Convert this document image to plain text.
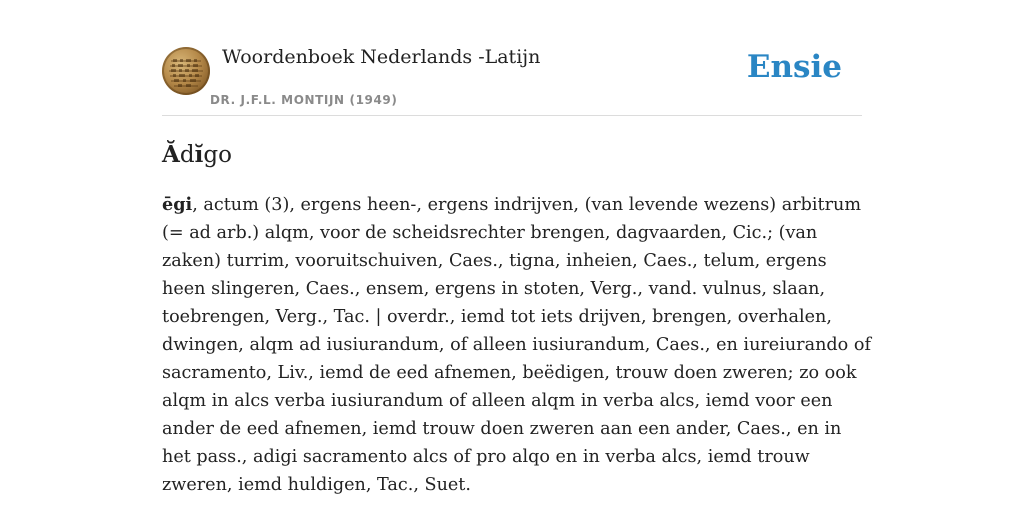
Woordenboek Nederlands -Latijn
DR. J.F.L. MONTIJN (1949)
Ensie
Ădĭgo

ēgi, actum (3), ergens heen-, ergens indrijven, (van levende wezens) arbitrum (= ad arb.) alqm, voor de scheidsrechter brengen, dagvaarden, Cic.; (van zaken) turrim, vooruitschuiven, Caes., tigna, inheien, Caes., telum, ergens heen slingeren, Caes., ensem, ergens in stoten, Verg., vand. vulnus, slaan, toebrengen, Verg., Tac. | overdr., iemd tot iets drijven, brengen, overhalen, dwingen, alqm ad iusiurandum, of alleen iusiurandum, Caes., en iureiurando of sacramento, Liv., iemd de eed afnemen, beëdigen, trouw doen zweren; zo ook alqm in alcs verba iusiurandum of alleen alqm in verba alcs, iemd voor een ander de eed afnemen, iemd trouw doen zweren aan een ander, Caes., en in het pass., adigi sacramento alcs of pro alqo en in verba alcs, iemd trouw zweren, iemd huldigen, Tac., Suet.
